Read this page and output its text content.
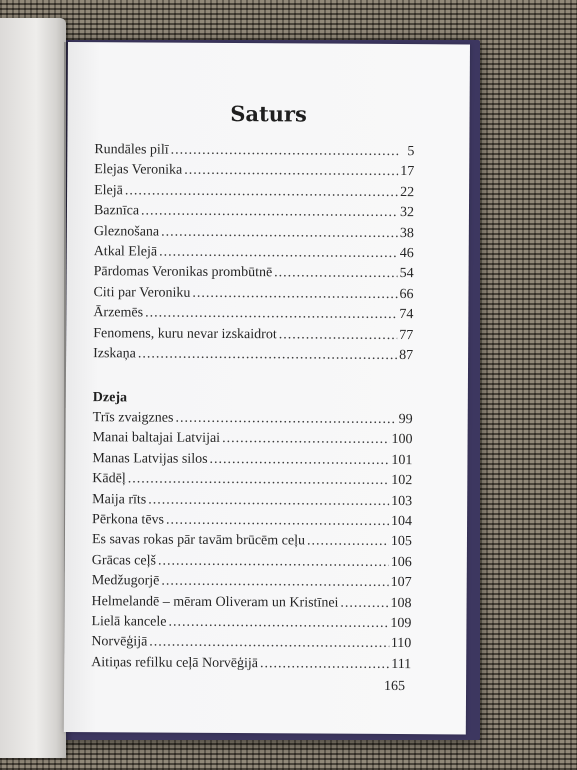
Saturs
Rundāles pilī .....	5
Elejas Veronika .....	17
Elejā .....	22
Baznīca .....	32
Gleznošana .....	38
Atkal Elejā .....	46
Pārdomas Veronikas prombūtnē .....	54
Citi par Veroniku .....	66
Ārzemēs .....	74
Fenomens, kuru nevar izskaidrot .....	77
Izskaņa .....	87
Dzeja
Trīs zvaigznes .....	99
Manai baltajai Latvijai .....	100
Manas Latvijas silos .....	101
Kādēļ .....	102
Maija rīts .....	103
Pērkona tēvs .....	104
Es savas rokas pār tavām brūcēm ceļu .....	105
Grācas ceļš .....	106
Medžugorjē .....	107
Helmelandē – mēram Oliveram un Kristīnei .....	108
Lielā kancele .....	109
Norvēģijā .....	110
Aitiņas refilku ceļā Norvēģijā .....	111
165
